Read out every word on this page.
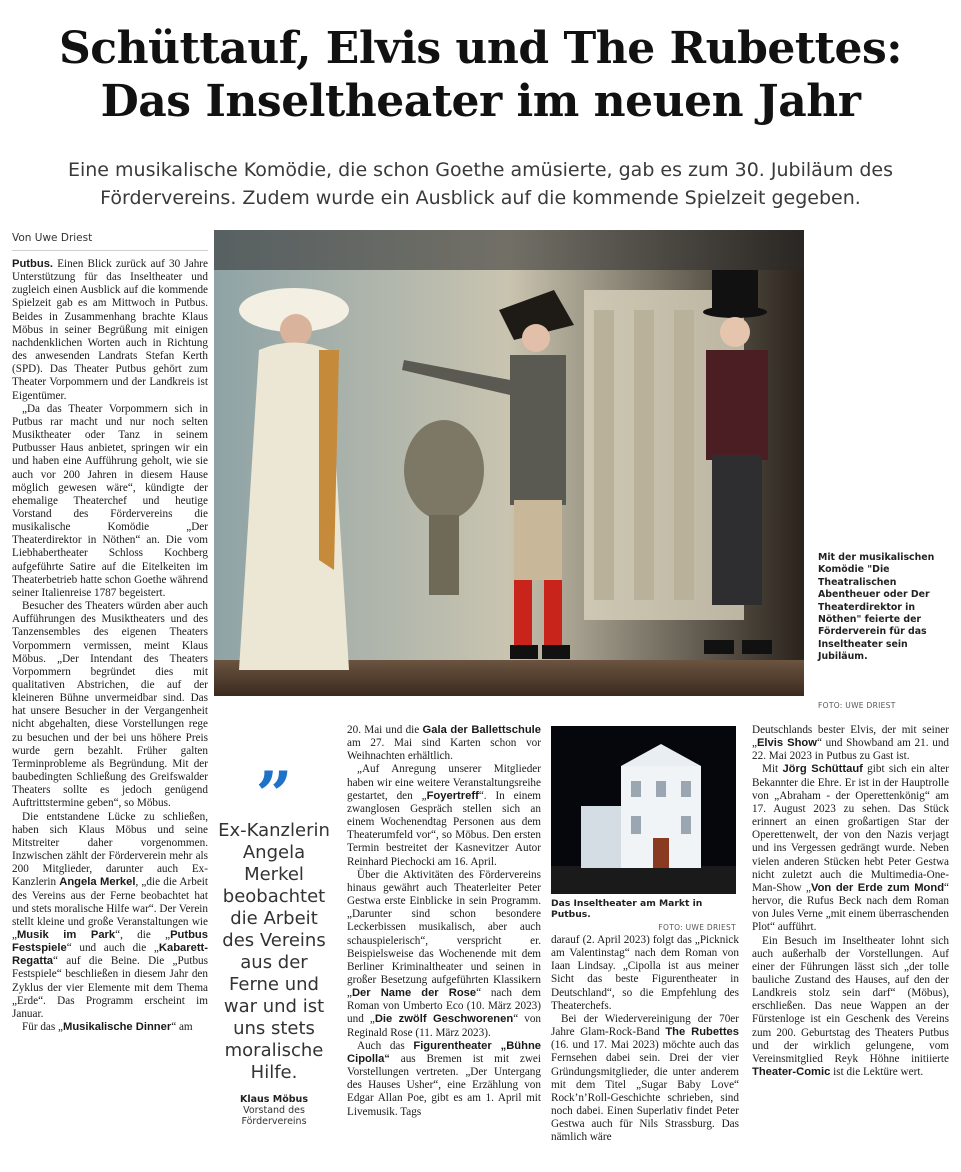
Schüttauf, Elvis und The Rubettes:
Das Inseltheater im neuen Jahr
Eine musikalische Komödie, die schon Goethe amüsierte, gab es zum 30. Jubiläum des
Fördervereins. Zudem wurde ein Ausblick auf die kommende Spielzeit gegeben.
Von Uwe Driest

Putbus. Einen Blick zurück auf 30 Jahre Unterstützung für das Inseltheater und zugleich einen Ausblick auf die kommende Spielzeit gab es am Mittwoch in Putbus. Beides in Zusammenhang brachte Klaus Möbus in seiner Begrüßung mit einigen nachdenklichen Worten auch in Richtung des anwesenden Landrats Stefan Kerth (SPD). Das Theater Putbus gehört zum Theater Vorpommern und der Landkreis ist Eigentümer.

„Da das Theater Vorpommern sich in Putbus rar macht und nur noch selten Musiktheater oder Tanz in seinem Putbusser Haus anbietet, springen wir ein und haben eine Aufführung geholt, wie sie auch vor 200 Jahren in diesem Hause möglich gewesen wäre“, kündigte der ehemalige Theaterchef und heutige Vorstand des Fördervereins die musikalische Komödie „Der Theaterdirektor in Nöthen“ an. Die vom Liebhabertheater Schloss Kochberg aufgeführte Satire auf die Eitelkeiten im Theaterbetrieb hatte schon Goethe während seiner Italienreise 1787 begeistert.

Besucher des Theaters würden aber auch Aufführungen des Musiktheaters und des Tanzensembles des eigenen Theaters Vorpommern vermissen, meint Klaus Möbus. „Der Intendant des Theaters Vorpommern begründet dies mit qualitativen Abstrichen, die auf der kleineren Bühne unvermeidbar sind. Das hat unsere Besucher in der Vergangenheit nicht abgehalten, diese Vorstellungen rege zu besuchen und der bei uns höhere Preis wurde gern bezahlt. Früher galten Terminprobleme als Begründung. Mit der baubedingten Schließung des Greifswalder Theaters sollte es jedoch genügend Auftrittstermine geben“, so Möbus.

Die entstandene Lücke zu schließen, haben sich Klaus Möbus und seine Mitstreiter daher vorgenommen. Inzwischen zählt der Förderverein mehr als 200 Mitglieder, darunter auch Ex-Kanzlerin Angela Merkel, „die die Arbeit des Vereins aus der Ferne beobachtet hat und stets moralische Hilfe war“. Der Verein stellt kleine und große Veranstaltungen wie „Musik im Park“, die „Putbus Festspiele“ und auch die „Kabarett-Regatta“ auf die Beine. Die „Putbus Festspiele“ beschließen in diesem Jahr den Zyklus der vier Elemente mit dem Thema „Erde“. Das Programm erscheint im Januar.

Für das „Musikalische Dinner“ am

Mit der musikalischen Komödie "Die Theatralischen Abentheuer oder Der Theaterdirektor in Nöthen" feierte der Förderverein für das Inseltheater sein Jubiläum.
FOTO: UWE DRIEST
”
Ex-Kanzlerin Angela Merkel beobachtet die Arbeit des Vereins aus der Ferne und war und ist uns stets moralische Hilfe.
Klaus Möbus
Vorstand des Fördervereins

20. Mai und die Gala der Ballettschule am 27. Mai sind Karten schon vor Weihnachten erhältlich.

„Auf Anregung unserer Mitglieder haben wir eine weitere Veranstaltungsreihe gestartet, den „Foyertreff“. In einem zwanglosen Gespräch stellen sich an einem Wochenendtag Personen aus dem Theaterumfeld vor“, so Möbus. Den ersten Termin bestreitet der Kasnevitzer Autor Reinhard Piechocki am 16. April.

Über die Aktivitäten des Fördervereins hinaus gewährt auch Theaterleiter Peter Gestwa erste Einblicke in sein Programm. „Darunter sind schon besondere Leckerbissen musikalisch, aber auch schauspielerisch“, verspricht er. Beispielsweise das Wochenende mit dem Berliner Kriminaltheater und seinen in großer Besetzung aufgeführten Klassikern „Der Name der Rose“ nach dem Roman von Umberto Eco (10. März 2023) und „Die zwölf Geschworenen“ von Reginald Rose (11. März 2023).

Auch das Figurentheater „Bühne Cipolla“ aus Bremen ist mit zwei Vorstellungen vertreten. „Der Untergang des Hauses Usher“, eine Erzählung von Edgar Allan Poe, gibt es am 1. April mit Livemusik. Tags

Das Inseltheater am Markt in Putbus.
FOTO: UWE DRIEST

darauf (2. April 2023) folgt das „Picknick am Valentinstag“ nach dem Roman von Iaan Lindsay. „Cipolla ist aus meiner Sicht das beste Figurentheater in Deutschland“, so die Empfehlung des Theaterchefs.

Bei der Wiedervereinigung der 70er Jahre Glam-Rock-Band The Rubettes (16. und 17. Mai 2023) möchte auch das Fernsehen dabei sein. Drei der vier Gründungsmitglieder, die unter anderem mit dem Titel „Sugar Baby Love“ Rock’n’Roll-Geschichte schrieben, sind noch dabei. Einen Superlativ findet Peter Gestwa auch für Nils Strassburg. Das nämlich wäre

Deutschlands bester Elvis, der mit seiner „Elvis Show“ und Showband am 21. und 22. Mai 2023 in Putbus zu Gast ist.

Mit Jörg Schüttauf gibt sich ein alter Bekannter die Ehre. Er ist in der Hauptrolle von „Abraham - der Operettenkönig“ am 17. August 2023 zu sehen. Das Stück erinnert an einen großartigen Star der Operettenwelt, der von den Nazis verjagt und ins Vergessen gedrängt wurde. Neben vielen anderen Stücken hebt Peter Gestwa nicht zuletzt auch die Multimedia-One-Man-Show „Von der Erde zum Mond“ hervor, die Rufus Beck nach dem Roman von Jules Verne „mit einem überraschenden Plot“ aufführt.

Ein Besuch im Inseltheater lohnt sich auch außerhalb der Vorstellungen. Auf einer der Führungen lässt sich „der tolle bauliche Zustand des Hauses, auf den der Landkreis stolz sein darf“ (Möbus), erschließen. Das neue Wappen an der Fürstenloge ist ein Geschenk des Vereins zum 200. Geburtstag des Theaters Putbus und der wirklich gelungene, vom Vereinsmitglied Reyk Höhne initiierte Theater-Comic ist die Lektüre wert.
